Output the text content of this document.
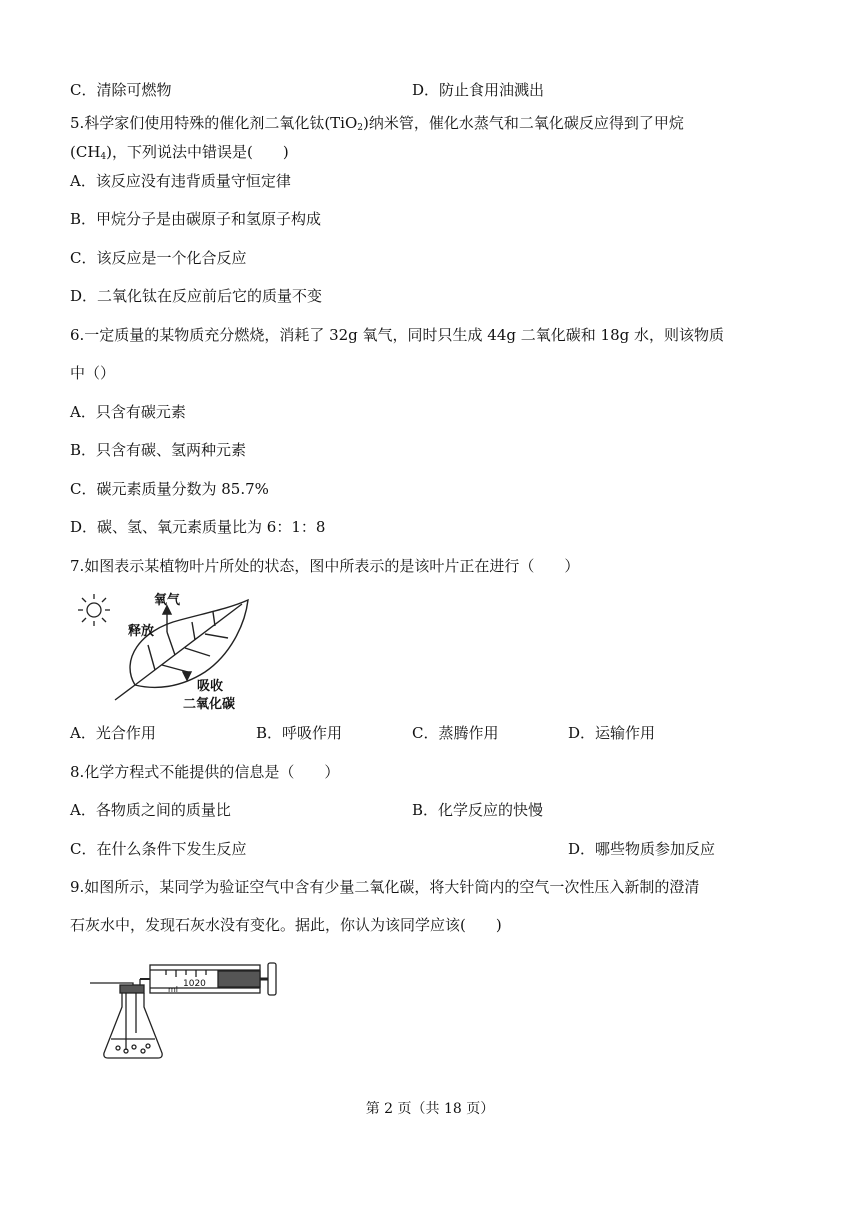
C．清除可燃物	D．防止食用油溅出
5.科学家们使用特殊的催化剂二氧化钛(TiO$_2$)纳米管，催化水蒸气和二氧化碳反应得到了甲烷
$(CH_4)$，下列说法中错误是(　　)
A．该反应没有违背质量守恒定律
B．甲烷分子是由碳原子和氢原子构成
C．该反应是一个化合反应
D．二氧化钛在反应前后它的质量不变
6.一定质量的某物质充分燃烧，消耗了 32g 氧气，同时只生成 44g 二氧化碳和 18g 水，则该物质
中（）
A．只含有碳元素
B．只含有碳、氢两种元素
C．碳元素质量分数为 85.7%
D．碳、氢、氧元素质量比为 6：1：8
7.如图表示某植物叶片所处的状态，图中所表示的是该叶片正在进行（　　）
氧气
释放
吸收
二氧化碳
A．光合作用	B．呼吸作用	C．蒸腾作用	D．运输作用
8.化学方程式不能提供的信息是（　　）
A．各物质之间的质量比	B．化学反应的快慢
C．在什么条件下发生反应	D．哪些物质参加反应
9.如图所示，某同学为验证空气中含有少量二氧化碳，将大针筒内的空气一次性压入新制的澄清
石灰水中，发现石灰水没有变化。据此，你认为该同学应该(　　)
1020
ml
第 2 页（共 18 页）
